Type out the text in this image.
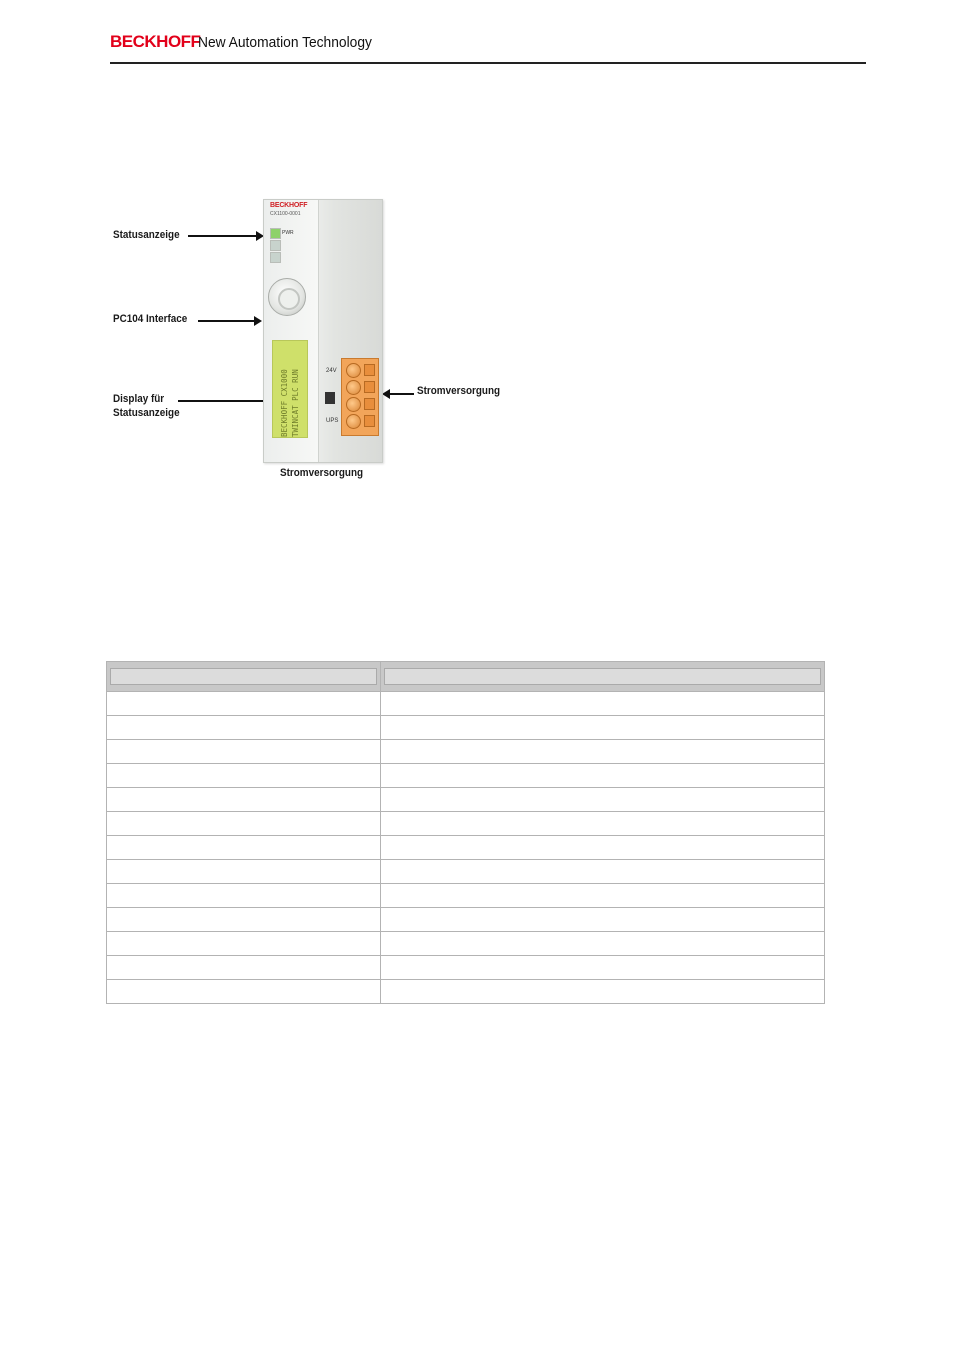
BECKHOFF
New Automation Technology
Statusanzeige
PC104 Interface
Display für
Statusanzeige
Stromversorgung
BECKHOFF
CX1100-0001
PWR
BECKHOFF CX1000 TWINCAT PLC RUN	24V
UPS
Stromversorgung
